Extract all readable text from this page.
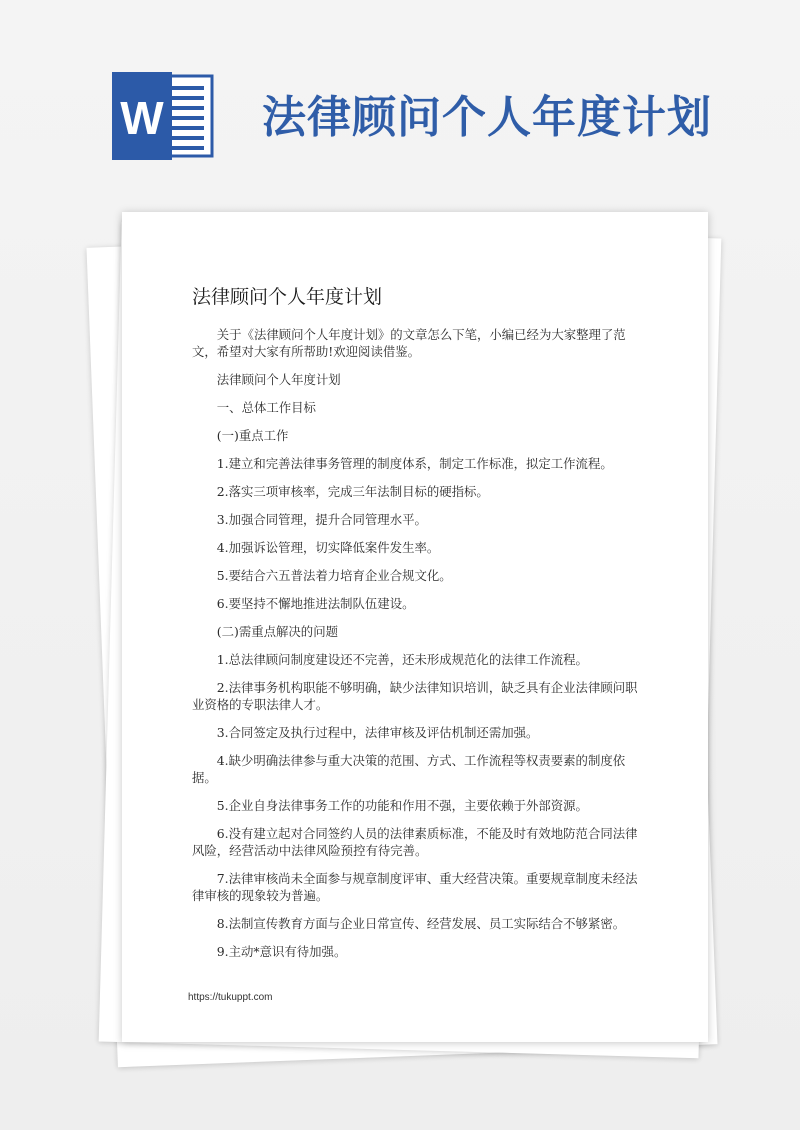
W 法律顾问个人年度计划
法律顾问个人年度计划

关于《法律顾问个人年度计划》的文章怎么下笔，小编已经为大家整理了范文，希望对大家有所帮助!欢迎阅读借鉴。

法律顾问个人年度计划

一、总体工作目标

(一)重点工作

1.建立和完善法律事务管理的制度体系，制定工作标准，拟定工作流程。

2.落实三项审核率，完成三年法制目标的硬指标。

3.加强合同管理，提升合同管理水平。

4.加强诉讼管理，切实降低案件发生率。

5.要结合六五普法着力培育企业合规文化。

6.要坚持不懈地推进法制队伍建设。

(二)需重点解决的问题

1.总法律顾问制度建设还不完善，还未形成规范化的法律工作流程。

2.法律事务机构职能不够明确，缺少法律知识培训，缺乏具有企业法律顾问职业资格的专职法律人才。

3.合同签定及执行过程中，法律审核及评估机制还需加强。

4.缺少明确法律参与重大决策的范围、方式、工作流程等权责要素的制度依据。

5.企业自身法律事务工作的功能和作用不强，主要依赖于外部资源。

6.没有建立起对合同签约人员的法律素质标准，不能及时有效地防范合同法律风险，经营活动中法律风险预控有待完善。

7.法律审核尚未全面参与规章制度评审、重大经营决策。重要规章制度未经法律审核的现象较为普遍。

8.法制宣传教育方面与企业日常宣传、经营发展、员工实际结合不够紧密。

9.主动*意识有待加强。

https://tukuppt.com
